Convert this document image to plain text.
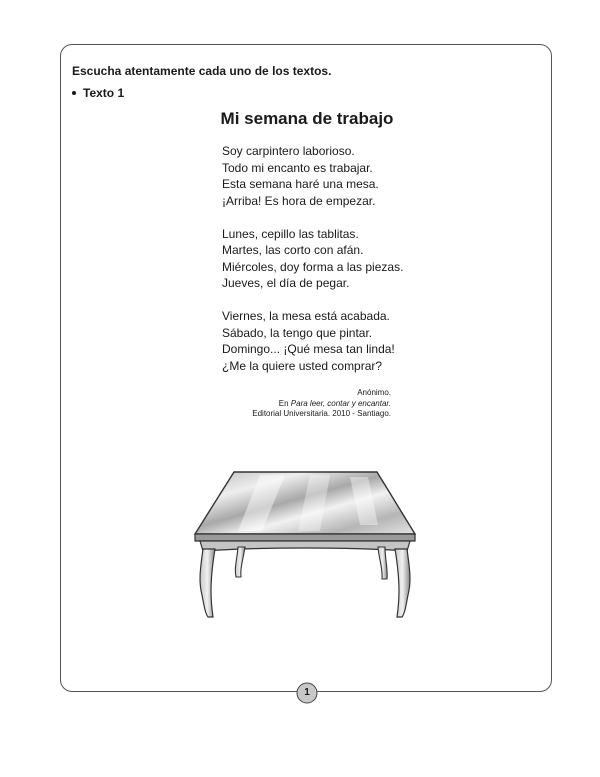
Escucha atentamente cada uno de los textos.
Texto 1
Mi semana de trabajo
Soy carpintero laborioso.
Todo mi encanto es trabajar.
Esta semana haré una mesa.
¡Arriba! Es hora de empezar.
Lunes, cepillo las tablitas.
Martes, las corto con afán.
Miércoles, doy forma a las piezas.
Jueves, el día de pegar.
Viernes, la mesa está acabada.
Sábado, la tengo que pintar.
Domingo... ¡Qué mesa tan linda!
¿Me la quiere usted comprar?
Anónimo.
En Para leer, contar y encantar.
Editorial Universitaria. 2010 - Santiago.
1
